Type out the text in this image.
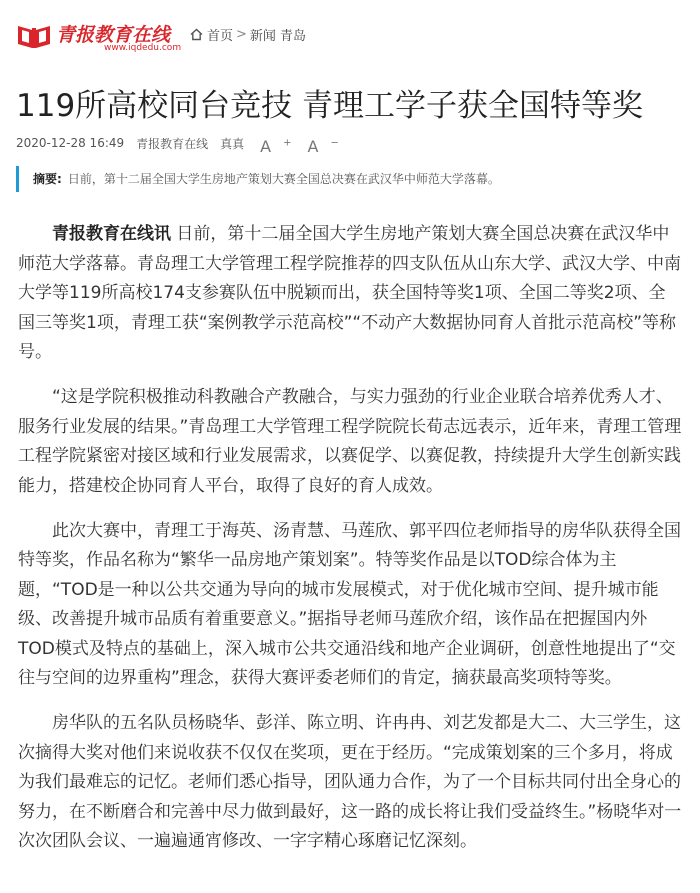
青报教育在线
www.iqdedu.com
首页 > 新闻 青岛
119所高校同台竞技 青理工学子获全国特等奖
2020-12-28 16:49 青报教育在线 真真 A + A −
摘要: 日前，第十二届全国大学生房地产策划大赛全国总决赛在武汉华中师范大学落幕。

青报教育在线讯 日前，第十二届全国大学生房地产策划大赛全国总决赛在武汉华中师范大学落幕。青岛理工大学管理工程学院推荐的四支队伍从山东大学、武汉大学、中南大学等119所高校174支参赛队伍中脱颖而出，获全国特等奖1项、全国二等奖2项、全国三等奖1项，青理工获“案例教学示范高校”“不动产大数据协同育人首批示范高校”等称号。

“这是学院积极推动科教融合产教融合，与实力强劲的行业企业联合培养优秀人才、服务行业发展的结果。”青岛理工大学管理工程学院院长荀志远表示，近年来，青理工管理工程学院紧密对接区域和行业发展需求，以赛促学、以赛促教，持续提升大学生创新实践能力，搭建校企协同育人平台，取得了良好的育人成效。

此次大赛中，青理工于海英、汤青慧、马莲欣、郭平四位老师指导的房华队获得全国特等奖，作品名称为“繁华一品房地产策划案”。特等奖作品是以TOD综合体为主题，“TOD是一种以公共交通为导向的城市发展模式，对于优化城市空间、提升城市能级、改善提升城市品质有着重要意义。”据指导老师马莲欣介绍，该作品在把握国内外TOD模式及特点的基础上，深入城市公共交通沿线和地产企业调研，创意性地提出了“交往与空间的边界重构”理念，获得大赛评委老师们的肯定，摘获最高奖项特等奖。

房华队的五名队员杨晓华、彭洋、陈立明、许冉冉、刘艺发都是大二、大三学生，这次摘得大奖对他们来说收获不仅仅在奖项，更在于经历。“完成策划案的三个多月，将成为我们最难忘的记忆。老师们悉心指导，团队通力合作，为了一个目标共同付出全身心的努力，在不断磨合和完善中尽力做到最好，这一路的成长将让我们受益终生。”杨晓华对一次次团队会议、一遍遍通宵修改、一字字精心琢磨记忆深刻。
